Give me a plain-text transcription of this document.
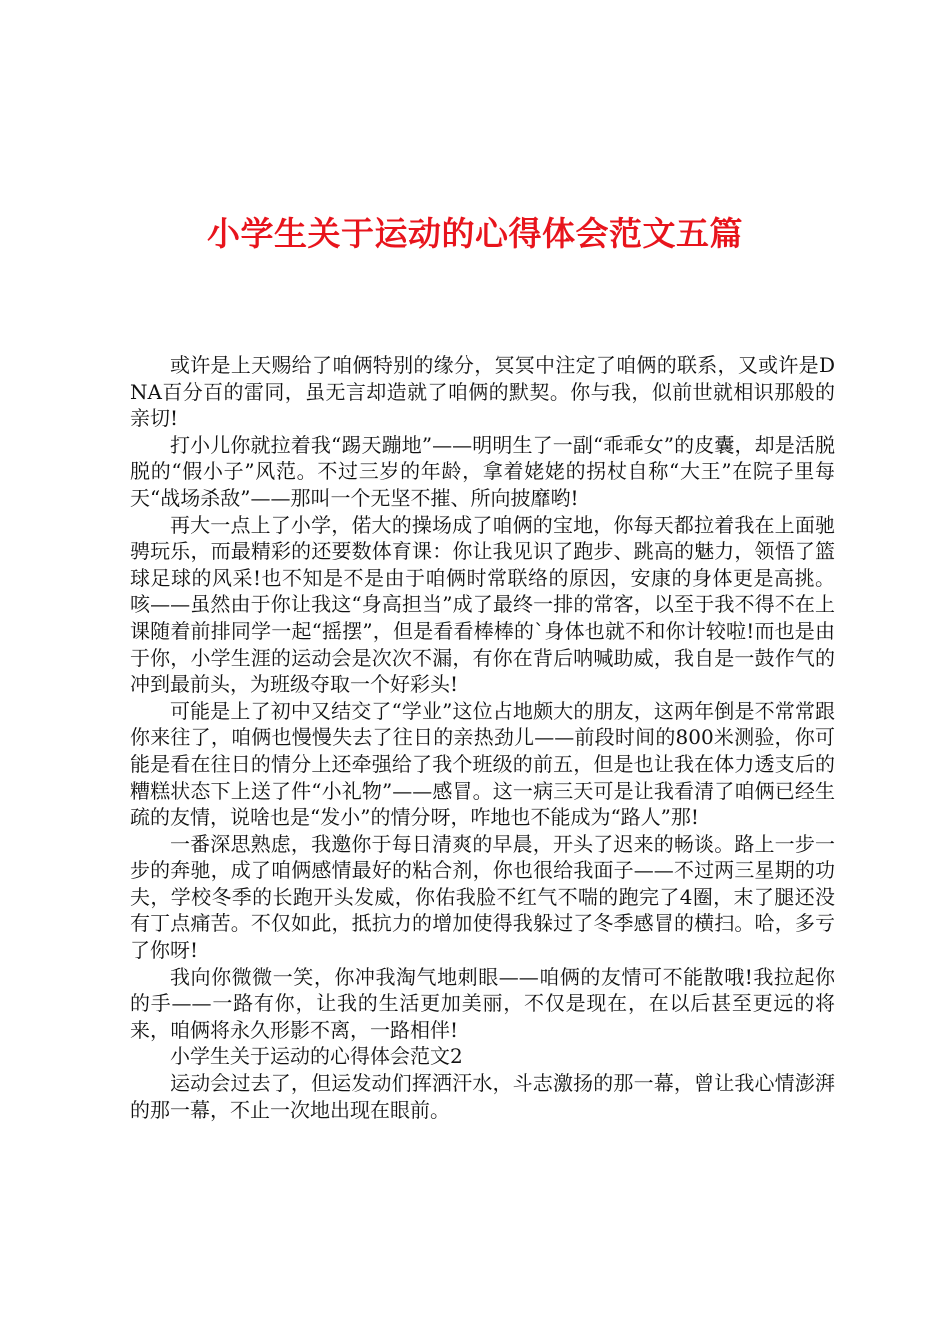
小学生关于运动的心得体会范文五篇

或许是上天赐给了咱俩特别的缘分，冥冥中注定了咱俩的联系，又或许是DNA百分百的雷同，虽无言却造就了咱俩的默契。你与我，似前世就相识那般的亲切!

打小儿你就拉着我“踢天蹦地”——明明生了一副“乖乖女”的皮囊，却是活脱脱的“假小子”风范。不过三岁的年龄，拿着姥姥的拐杖自称“大王”在院子里每天“战场杀敌”——那叫一个无坚不摧、所向披靡哟!

再大一点上了小学，偌大的操场成了咱俩的宝地，你每天都拉着我在上面驰骋玩乐，而最精彩的还要数体育课：你让我见识了跑步、跳高的魅力，领悟了篮球足球的风采!也不知是不是由于咱俩时常联络的原因，安康的身体更是高挑。咳——虽然由于你让我这“身高担当”成了最终一排的常客，以至于我不得不在上课随着前排同学一起“摇摆”，但是看看棒棒的`身体也就不和你计较啦!而也是由于你，小学生涯的运动会是次次不漏，有你在背后呐喊助威，我自是一鼓作气的冲到最前头，为班级夺取一个好彩头!

可能是上了初中又结交了“学业”这位占地颇大的朋友，这两年倒是不常常跟你来往了，咱俩也慢慢失去了往日的亲热劲儿——前段时间的800米测验，你可能是看在往日的情分上还牵强给了我个班级的前五，但是也让我在体力透支后的糟糕状态下上送了件“小礼物”——感冒。这一病三天可是让我看清了咱俩已经生疏的友情，说啥也是“发小”的情分呀，咋地也不能成为“路人”那!

一番深思熟虑，我邀你于每日清爽的早晨，开头了迟来的畅谈。路上一步一步的奔驰，成了咱俩感情最好的粘合剂，你也很给我面子——不过两三星期的功夫，学校冬季的长跑开头发威，你佑我脸不红气不喘的跑完了4圈，末了腿还没有丁点痛苦。不仅如此，抵抗力的增加使得我躲过了冬季感冒的横扫。哈，多亏了你呀!

我向你微微一笑，你冲我淘气地刺眼——咱俩的友情可不能散哦!我拉起你的手——一路有你，让我的生活更加美丽，不仅是现在，在以后甚至更远的将来，咱俩将永久形影不离，一路相伴!

小学生关于运动的心得体会范文2

运动会过去了，但运发动们挥洒汗水，斗志激扬的那一幕，曾让我心情澎湃的那一幕，不止一次地出现在眼前。
